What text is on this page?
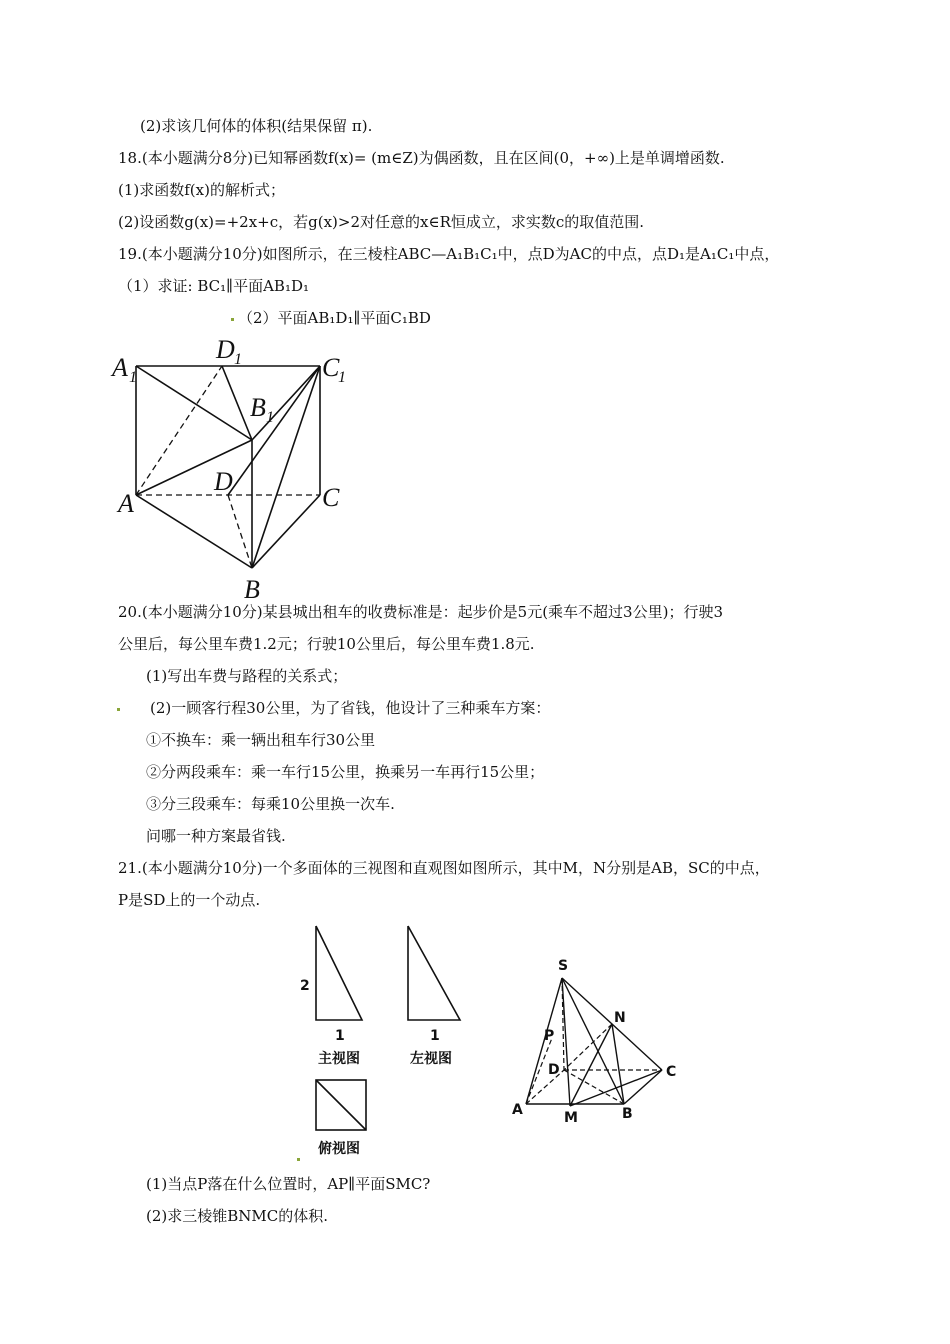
(2)求该几何体的体积(结果保留 π).
18.(本小题满分8分)已知幂函数f(x)= (m∈Z)为偶函数，且在区间(0，+∞)上是单调增函数.
(1)求函数f(x)的解析式；
(2)设函数g(x)=+2x+c，若g(x)>2对任意的x∈R恒成立，求实数c的取值范围.
19.(本小题满分10分)如图所示，在三棱柱ABC—A₁B₁C₁中，点D为AC的中点，点D₁是A₁C₁中点，
（1）求证: BC₁∥平面AB₁D₁
（2）平面AB₁D₁∥平面C₁BD
A 1
D 1	C
1
B 1
D
A	C
B
20.(本小题满分10分)某县城出租车的收费标准是：起步价是5元(乘车不超过3公里)；行驶3
公里后，每公里车费1.2元；行驶10公里后，每公里车费1.8元.
(1)写出车费与路程的关系式；
(2)一顾客行程30公里，为了省钱，他设计了三种乘车方案：
①不换车：乘一辆出租车行30公里
②分两段乘车：乘一车行15公里，换乘另一车再行15公里；
③分三段乘车：每乘10公里换一次车.
问哪一种方案最省钱.
21.(本小题满分10分)一个多面体的三视图和直观图如图所示，其中M，N分别是AB，SC的中点，
P是SD上的一个动点.
2
1
主视图
1
左视图
俯视图
S
P
N
D	C
A	M	B
(1)当点P落在什么位置时，AP∥平面SMC?
(2)求三棱锥BNMC的体积.
